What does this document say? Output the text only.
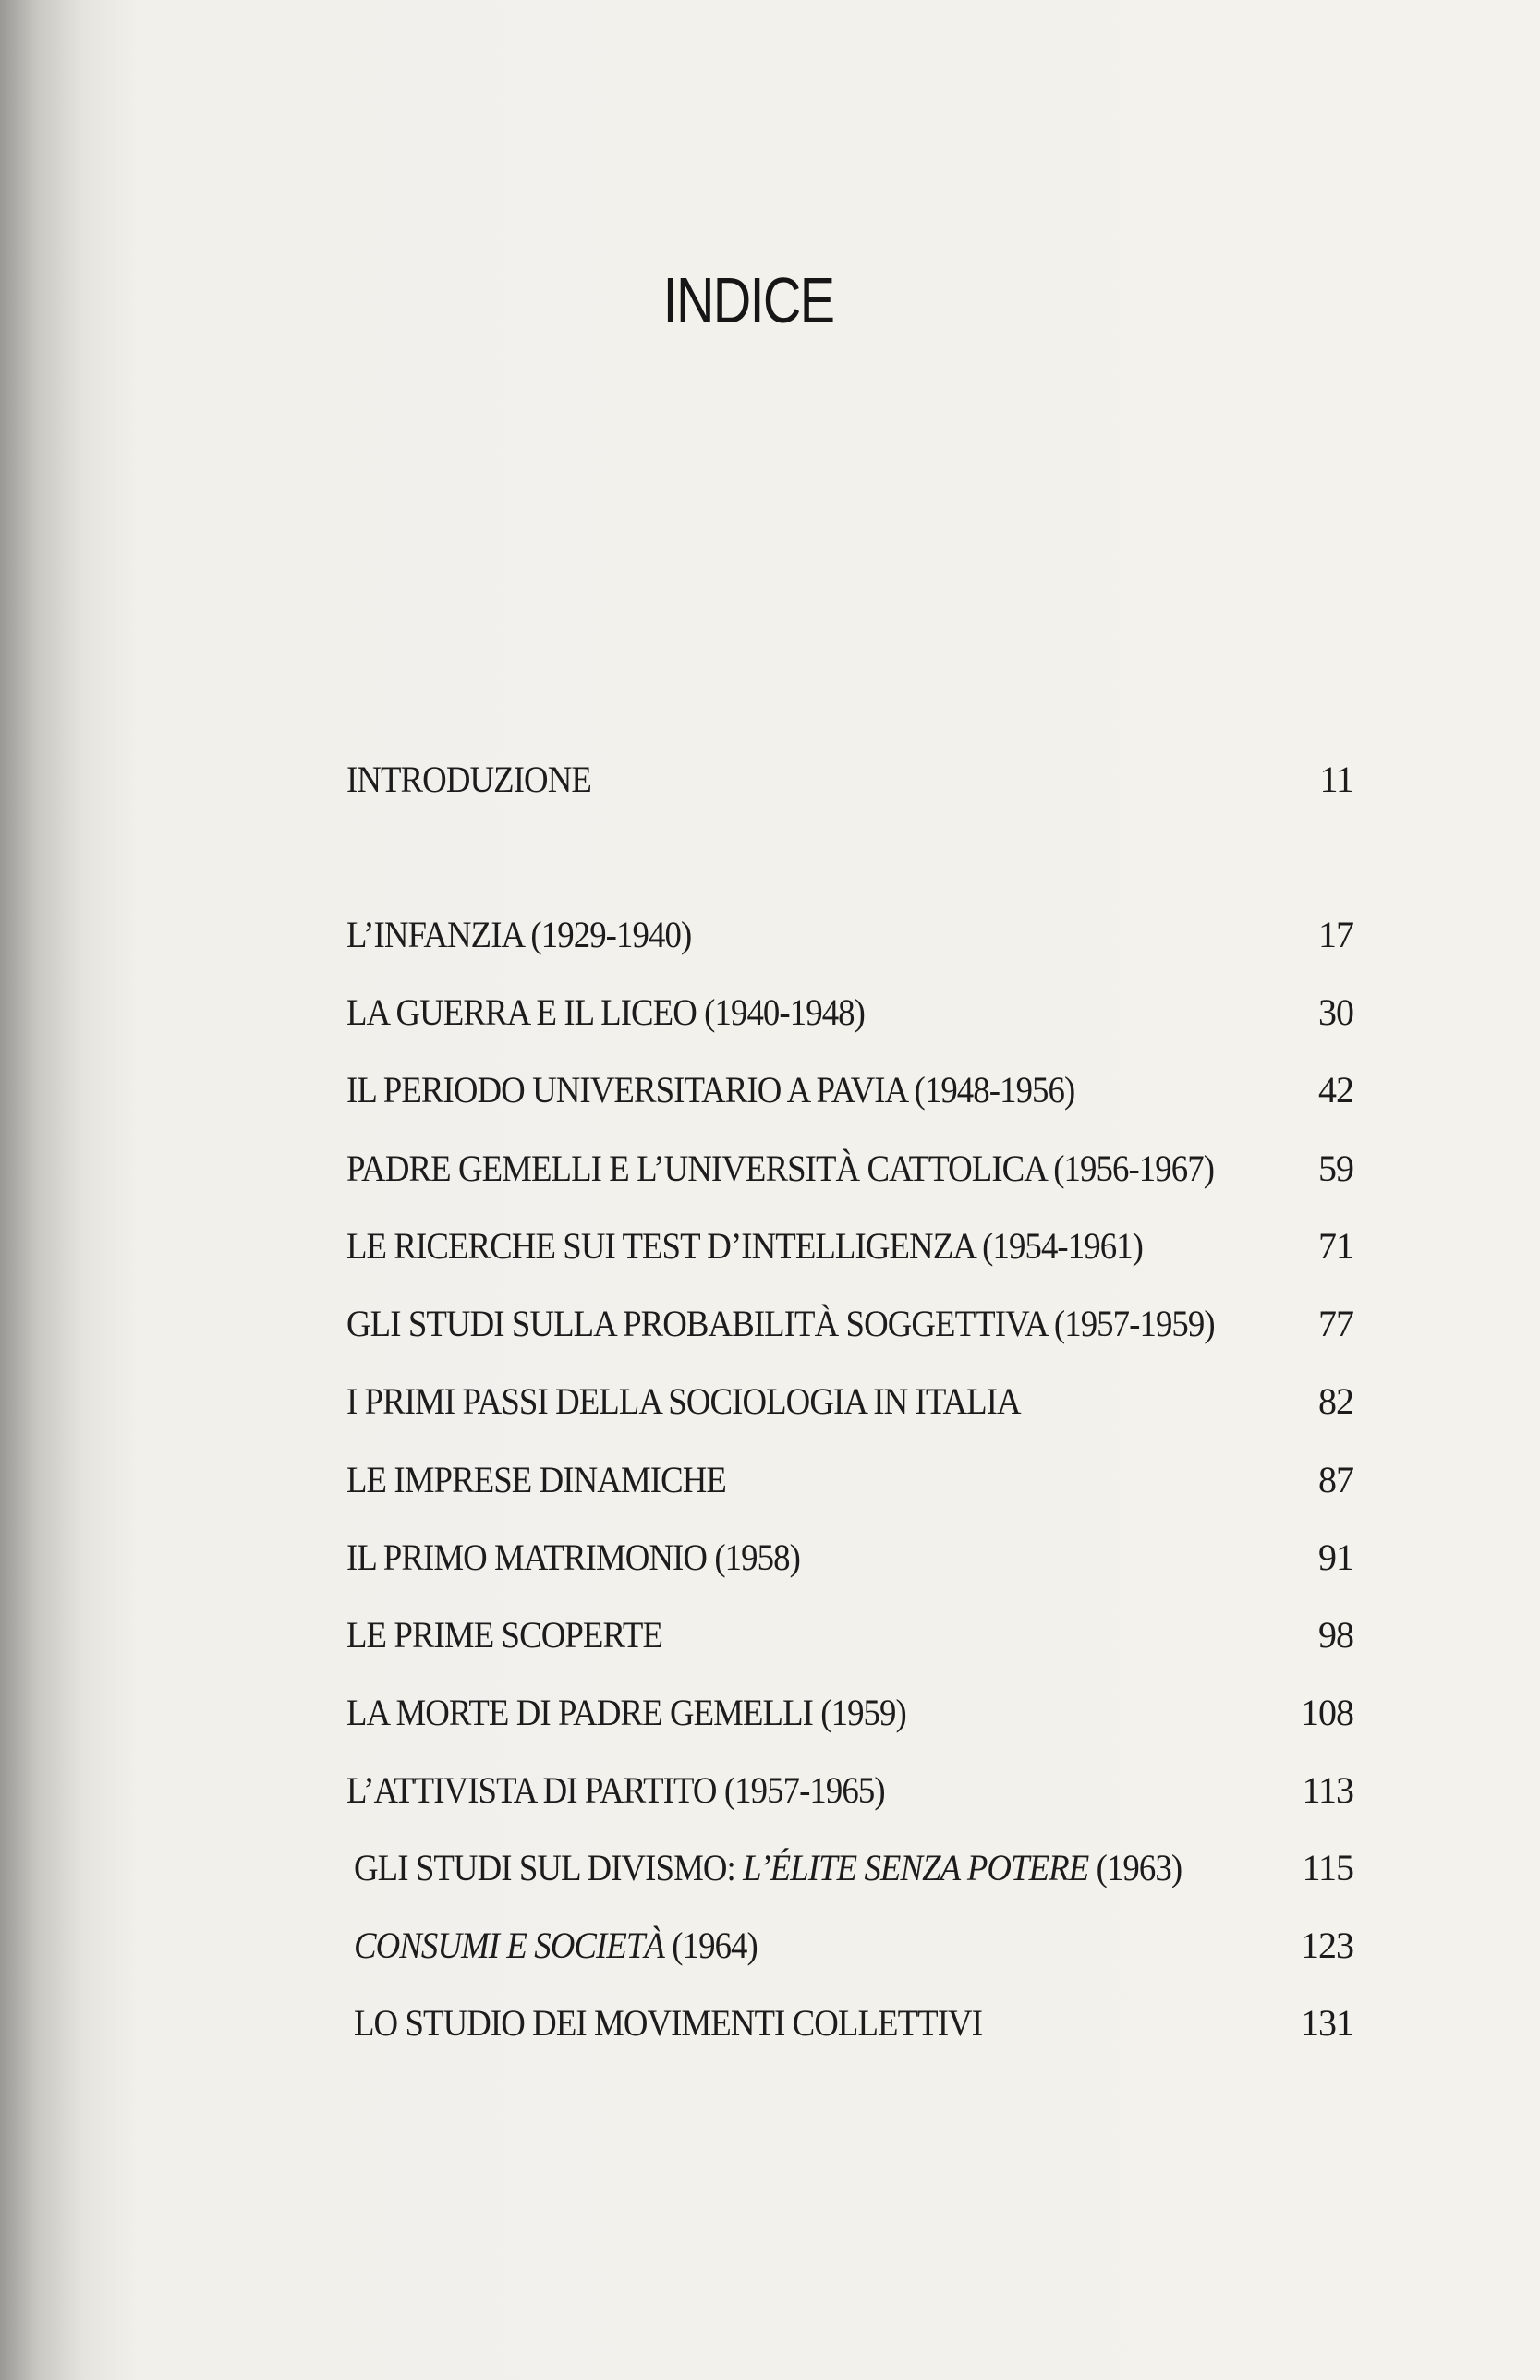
INDICE
INTRODUZIONE	11
L’INFANZIA (1929-1940)	17
LA GUERRA E IL LICEO (1940-1948)	30
IL PERIODO UNIVERSITARIO A PAVIA (1948-1956)	42
PADRE GEMELLI E L’UNIVERSITÀ CATTOLICA (1956-1967)	59
LE RICERCHE SUI TEST D’INTELLIGENZA (1954-1961)	71
GLI STUDI SULLA PROBABILITÀ SOGGETTIVA (1957-1959)	77
I PRIMI PASSI DELLA SOCIOLOGIA IN ITALIA	82
LE IMPRESE DINAMICHE	87
IL PRIMO MATRIMONIO (1958)	91
LE PRIME SCOPERTE	98
LA MORTE DI PADRE GEMELLI (1959)	108
L’ATTIVISTA DI PARTITO (1957-1965)	113
GLI STUDI SUL DIVISMO: L’ÉLITE SENZA POTERE (1963)	115
CONSUMI E SOCIETÀ (1964)	123
LO STUDIO DEI MOVIMENTI COLLETTIVI	131
